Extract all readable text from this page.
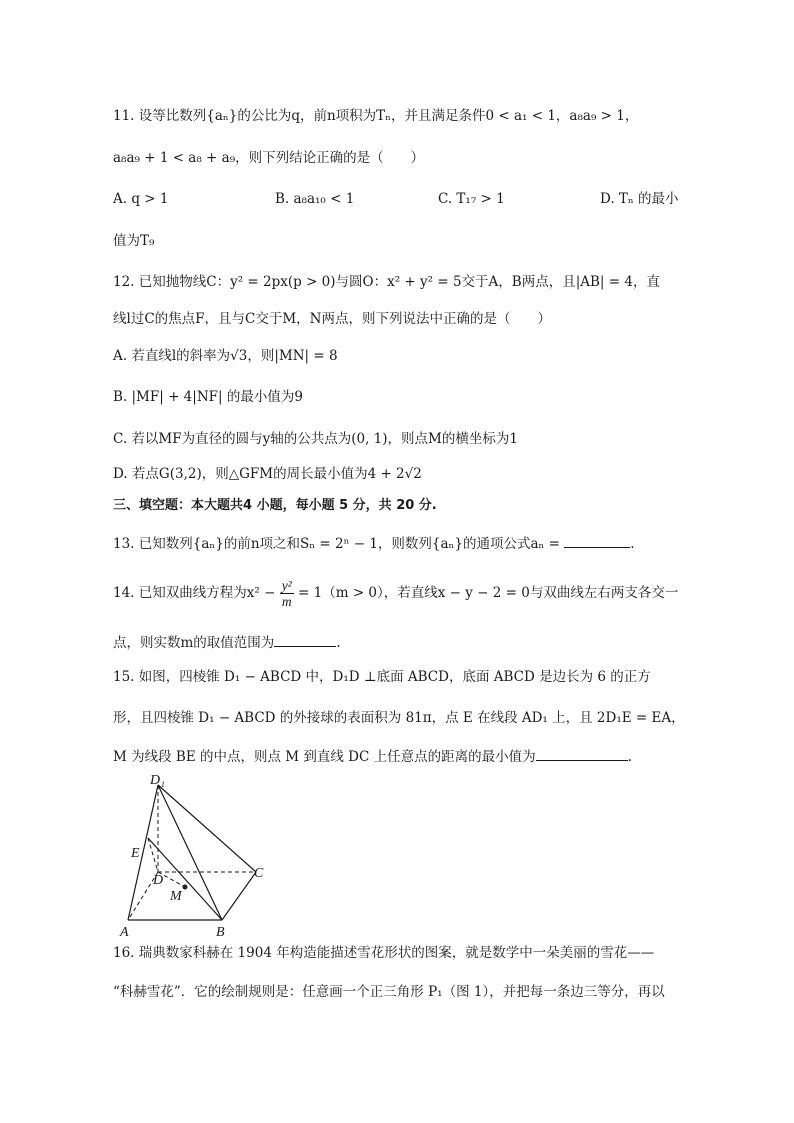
11. 设等比数列{aₙ}的公比为q，前n项积为Tₙ，并且满足条件0 < a₁ < 1，a₈a₉ > 1，
a₈a₉ + 1 < a₈ + a₉，则下列结论正确的是（　　）
A. q > 1	B. a₈a₁₀ < 1	C. T₁₇ > 1	D. Tₙ 的最小
值为T₉
12. 已知抛物线C：y² = 2px(p > 0)与圆O：x² + y² = 5交于A，B两点，且|AB| = 4，直
线l过C的焦点F，且与C交于M，N两点，则下列说法中正确的是（　　）
A. 若直线l的斜率为√3，则|MN| = 8
B. |MF| + 4|NF| 的最小值为9
C. 若以MF为直径的圆与y轴的公共点为(0, 1)，则点M的横坐标为1
D. 若点G(3,2)，则△GFM的周长最小值为4 + 2√2
三、填空题：本大题共4 小题，每小题 5 分，共 20 分.
13. 已知数列{aₙ}的前n项之和Sₙ = 2ⁿ − 1，则数列{aₙ}的通项公式aₙ =	.
14. 已知双曲线方程为$x^2 - \frac{\text{y²}}{m} = 1(m > 0)$，若直线x − y − 2 = 0与双曲线左右两支各交一
点，则实数m的取值范围为	.
15. 如图，四棱锥 D₁ − ABCD 中，D₁D ⊥底面 ABCD，底面 ABCD 是边长为 6 的正方
形，且四棱锥 D₁ − ABCD 的外接球的表面积为 81π，点 E 在线段 AD₁ 上，且 2D₁E = EA，
M 为线段 BE 的中点，则点 M 到直线 DC 上任意点的距离的最小值为	.
D₁
E
D	C
M
A	B
16. 瑞典数家科赫在 1904 年构造能描述雪花形状的图案，就是数学中一朵美丽的雪花——
“科赫雪花”．它的绘制规则是：任意画一个正三角形 P₁（图 1），并把每一条边三等分，再以
